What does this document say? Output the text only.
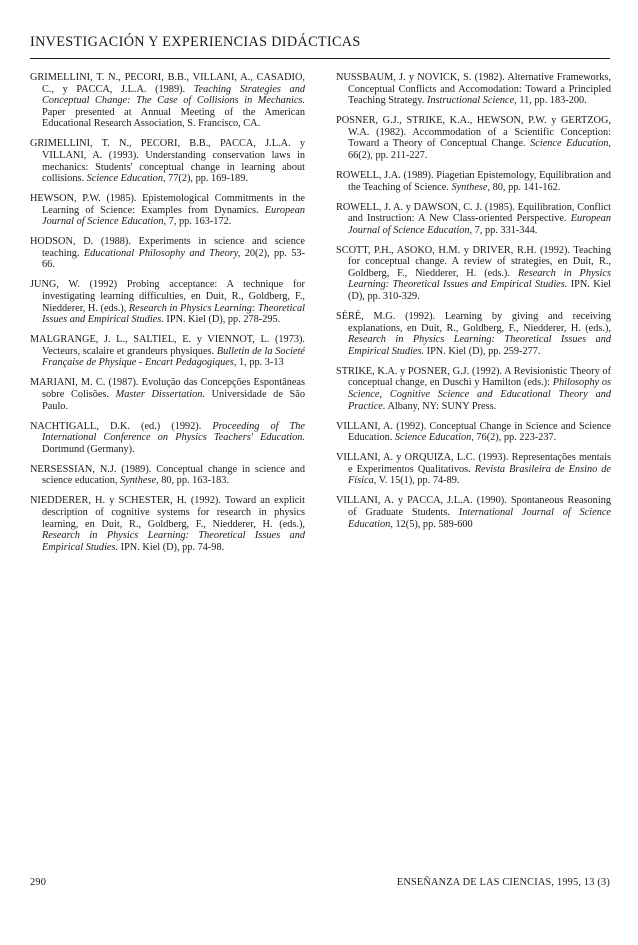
INVESTIGACIÓN Y EXPERIENCIAS DIDÁCTICAS

GRIMELLINI, T. N., PECORI, B.B., VILLANI, A., CASADIO, C., y PACCA, J.L.A. (1989). Teaching Strategies and Conceptual Change: The Case of Collisions in Mechanics. Paper presented at Annual Meeting of the American Educational Research Association, S. Francisco, CA.

GRIMELLINI, T. N., PECORI, B.B., PACCA, J.L.A. y VILLANI, A. (1993). Understanding conservation laws in mechanics: Students' conceptual change in learning about collisions. Science Education, 77(2), pp. 169-189.

HEWSON, P.W. (1985). Epistemological Commitments in the Learning of Science: Examples from Dynamics. European Journal of Science Education, 7, pp. 163-172.

HODSON, D. (1988). Experiments in science and science teaching. Educational Philosophy and Theory, 20(2), pp. 53-66.

JUNG, W. (1992) Probing acceptance: A technique for investigating learning difficulties, en Duit, R., Goldberg, F., Niedderer, H. (eds.), Research in Physics Learning: Theoretical Issues and Empirical Studies. IPN. Kiel (D), pp. 278-295.

MALGRANGE, J. L., SALTIEL, E. y VIENNOT, L. (1973). Vecteurs, scalaire et grandeurs physiques. Bulletin de la Societé Française de Physique - Encart Pedagogiques, 1, pp. 3-13

MARIANI, M. C. (1987). Evolução das Concepções Espontâneas sobre Colisões. Master Dissertation. Universidade de São Paulo.

NACHTIGALL, D.K. (ed.) (1992). Proceeding of The International Conference on Physics Teachers' Education. Dortmund (Germany).

NERSESSIAN, N.J. (1989). Conceptual change in science and science education, Synthese, 80, pp. 163-183.

NIEDDERER, H. y SCHESTER, H. (1992). Toward an explicit description of cognitive systems for research in physics learning, en Duit, R., Goldberg, F., Niedderer, H. (eds.), Research in Physics Learning: Theoretical Issues and Empirical Studies. IPN. Kiel (D), pp. 74-98.

NUSSBAUM, J. y NOVICK, S. (1982). Alternative Frameworks, Conceptual Conflicts and Accomodation: Toward a Principled Teaching Strategy. Instructional Science, 11, pp. 183-200.

POSNER, G.J., STRIKE, K.A., HEWSON, P.W. y GERTZOG, W.A. (1982). Accommodation of a Scientific Conception: Toward a Theory of Conceptual Change. Science Education, 66(2), pp. 211-227.

ROWELL, J.A. (1989). Piagetian Epistemology, Equilibration and the Teaching of Science. Synthese, 80, pp. 141-162.

ROWELL, J. A. y DAWSON, C. J. (1985). Equilibration, Conflict and Instruction: A New Class-oriented Perspective. European Journal of Science Education, 7, pp. 331-344.

SCOTT, P.H., ASOKO, H.M. y DRIVER, R.H. (1992). Teaching for conceptual change. A review of strategies, en Duit, R., Goldberg, F., Niedderer, H. (eds.). Research in Physics Learning: Theoretical Issues and Empirical Studies. IPN. Kiel (D), pp. 310-329.

SÉRÉ, M.G. (1992). Learning by giving and receiving explanations, en Duit, R., Goldberg, F., Niedderer, H. (eds.), Research in Physics Learning: Theoretical Issues and Empirical Studies. IPN. Kiel (D), pp. 259-277.

STRIKE, K.A. y POSNER, G.J. (1992). A Revisionistic Theory of conceptual change, en Duschi y Hamilton (eds.): Philosophy os Science, Cognitive Science and Educational Theory and Practice. Albany, NY: SUNY Press.

VILLANI, A. (1992). Conceptual Change in Science and Science Education. Science Education, 76(2), pp. 223-237.

VILLANI, A. y ORQUIZA, L.C. (1993). Representações mentais e Experimentos Qualitativos. Revista Brasileira de Ensino de Física, V. 15(1), pp. 74-89.

VILLANI, A. y PACCA, J.L.A. (1990). Spontaneous Reasoning of Graduate Students. International Journal of Science Education, 12(5), pp. 589-600

290	ENSEÑANZA DE LAS CIENCIAS, 1995, 13 (3)
